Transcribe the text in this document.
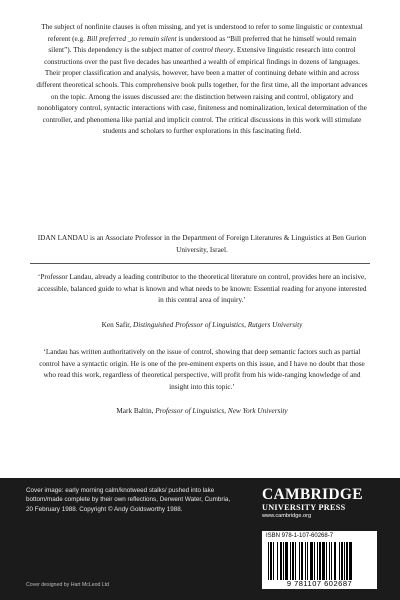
The subject of nonfinite clauses is often missing, and yet is understood to refer to some linguistic or contextual referent (e.g. Bill preferred _to remain silent is understood as “Bill preferred that he himself would remain silent”). This dependency is the subject matter of control theory. Extensive linguistic research into control constructions over the past five decades has unearthed a wealth of empirical findings in dozens of languages. Their proper classification and analysis, however, have been a matter of continuing debate within and across different theoretical schools. This comprehensive book pulls together, for the first time, all the important advances on the topic. Among the issues discussed are: the distinction between raising and control, obligatory and nonobligatory control, syntactic interactions with case, finiteness and nominalization, lexical determination of the controller, and phenomena like partial and implicit control. The critical discussions in this work will stimulate students and scholars to further explorations in this fascinating field.

IDAN LANDAU is an Associate Professor in the Department of Foreign Literatures & Linguistics at Ben Gurion University, Israel.

‘Professor Landau, already a leading contributor to the theoretical literature on control, provides here an incisive, accessible, balanced guide to what is known and what needs to be known: Essential reading for anyone interested in this central area of inquiry.’

Ken Safir, Distinguished Professor of Linguistics, Rutgers University

‘Landau has written authoritatively on the issue of control, showing that deep semantic factors such as partial control have a syntactic origin. He is one of the pre-eminent experts on this issue, and I have no doubt that those who read this work, regardless of theoretical perspective, will profit from his wide-ranging knowledge of and insight into this topic.’

Mark Baltin, Professor of Linguistics, New York University

Cover image: early morning calm/knotweed stalks/ pushed into lake bottom/made complete by their own reflections, Derwent Water, Cumbria, 20 February 1988. Copyright © Andy Goldsworthy 1988.

Cover designed by Hart McLeod Ltd

CAMBRIDGE
UNIVERSITY PRESS
www.cambridge.org
ISBN 978-1-107-60268-7
9 781107 602687
